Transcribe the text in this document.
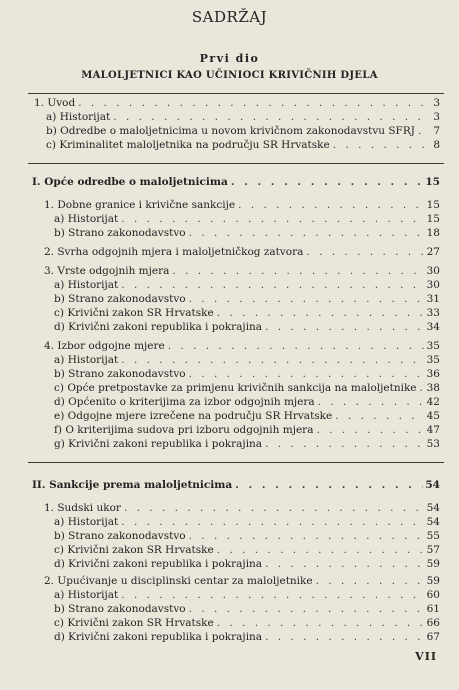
SADRŽAJ
Prvi dio
MALOLJETNICI KAO UČINIOCI KRIVIČNIH DJELA
1. Uvod . . .	3
a) Historijat . . .	3
b) Odredbe o maloljetnicima u novom krivičnom zakonodavstvu SFRJ . . .	7
c) Kriminalitet maloljetnika na području SR Hrvatske . . .	8
I. Opće odredbe o maloljetnicima . . .	15
1. Dobne granice i krivične sankcije . . .	15
a) Historijat . . .	15
b) Strano zakonodavstvo . . .	18
2. Svrha odgojnih mjera i maloljetničkog zatvora . . .	27
3. Vrste odgojnih mjera . . .	30
a) Historijat . . .	30
b) Strano zakonodavstvo . . .	31
c) Krivični zakon SR Hrvatske . . .	33
d) Krivični zakoni republika i pokrajina . . .	34
4. Izbor odgojne mjere . . .	35
a) Historijat . . .	35
b) Strano zakonodavstvo . . .	36
c) Opće pretpostavke za primjenu krivičnih sankcija na maloljetnike . . . 38
d) Općenito o kriterijima za izbor odgojnih mjera . . .	42
e) Odgojne mjere izrečene na području SR Hrvatske . . .	45
f) O kriterijima sudova pri izboru odgojnih mjera . . .	47
g) Krivični zakoni republika i pokrajina . . .	53
II. Sankcije prema maloljetnicima . . .	54
1. Sudski ukor . . .	54
a) Historijat . . .	54
b) Strano zakonodavstvo . . .	55
c) Krivični zakon SR Hrvatske . . .	57
d) Krivični zakoni republika i pokrajina . . .	59
2. Upućivanje u disciplinski centar za maloljetnike . . .	59
a) Historijat . . .	60
b) Strano zakonodavstvo . . .	61
c) Krivični zakon SR Hrvatske . . .	66
d) Krivični zakoni republika i pokrajina . . .	67
VII
